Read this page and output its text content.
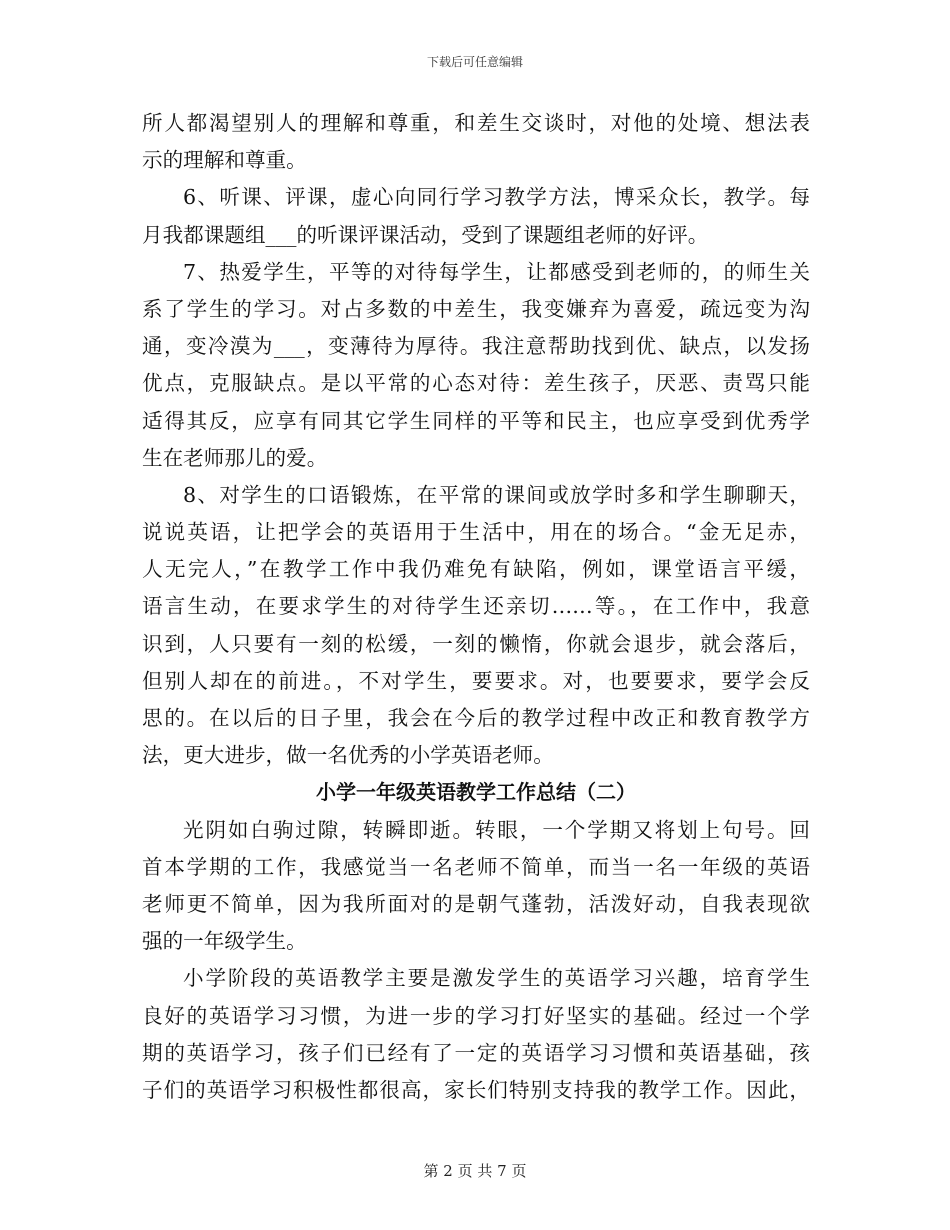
下载后可任意编辑
所人都渴望别人的理解和尊重，和差生交谈时，对他的处境、想法表
示的理解和尊重。
6、听课、评课，虚心向同行学习教学方法，博采众长，教学。每
月我都课题组___的听课评课活动，受到了课题组老师的好评。
7、热爱学生，平等的对待每学生，让都感受到老师的，的师生关
系了学生的学习。对占多数的中差生，我变嫌弃为喜爱，疏远变为沟
通，变冷漠为___，变薄待为厚待。我注意帮助找到优、缺点，以发扬
优点，克服缺点。是以平常的心态对待：差生孩子，厌恶、责骂只能
适得其反，应享有同其它学生同样的平等和民主，也应享受到优秀学
生在老师那儿的爱。
8、对学生的口语锻炼，在平常的课间或放学时多和学生聊聊天，
说说英语，让把学会的英语用于生活中，用在的场合。“金无足赤，
人无完人，”在教学工作中我仍难免有缺陷，例如，课堂语言平缓，
语言生动，在要求学生的对待学生还亲切……等。，在工作中，我意
识到，人只要有一刻的松缓，一刻的懒惰，你就会退步，就会落后，
但别人却在的前进。，不对学生，要要求。对，也要要求，要学会反
思的。在以后的日子里，我会在今后的教学过程中改正和教育教学方
法，更大进步，做一名优秀的小学英语老师。
小学一年级英语教学工作总结（二）
光阴如白驹过隙，转瞬即逝。转眼，一个学期又将划上句号。回
首本学期的工作，我感觉当一名老师不简单，而当一名一年级的英语
老师更不简单，因为我所面对的是朝气蓬勃，活泼好动，自我表现欲
强的一年级学生。
小学阶段的英语教学主要是激发学生的英语学习兴趣，培育学生
良好的英语学习习惯，为进一步的学习打好坚实的基础。经过一个学
期的英语学习，孩子们已经有了一定的英语学习习惯和英语基础，孩
子们的英语学习积极性都很高，家长们特别支持我的教学工作。因此，
第 2 页 共 7 页
